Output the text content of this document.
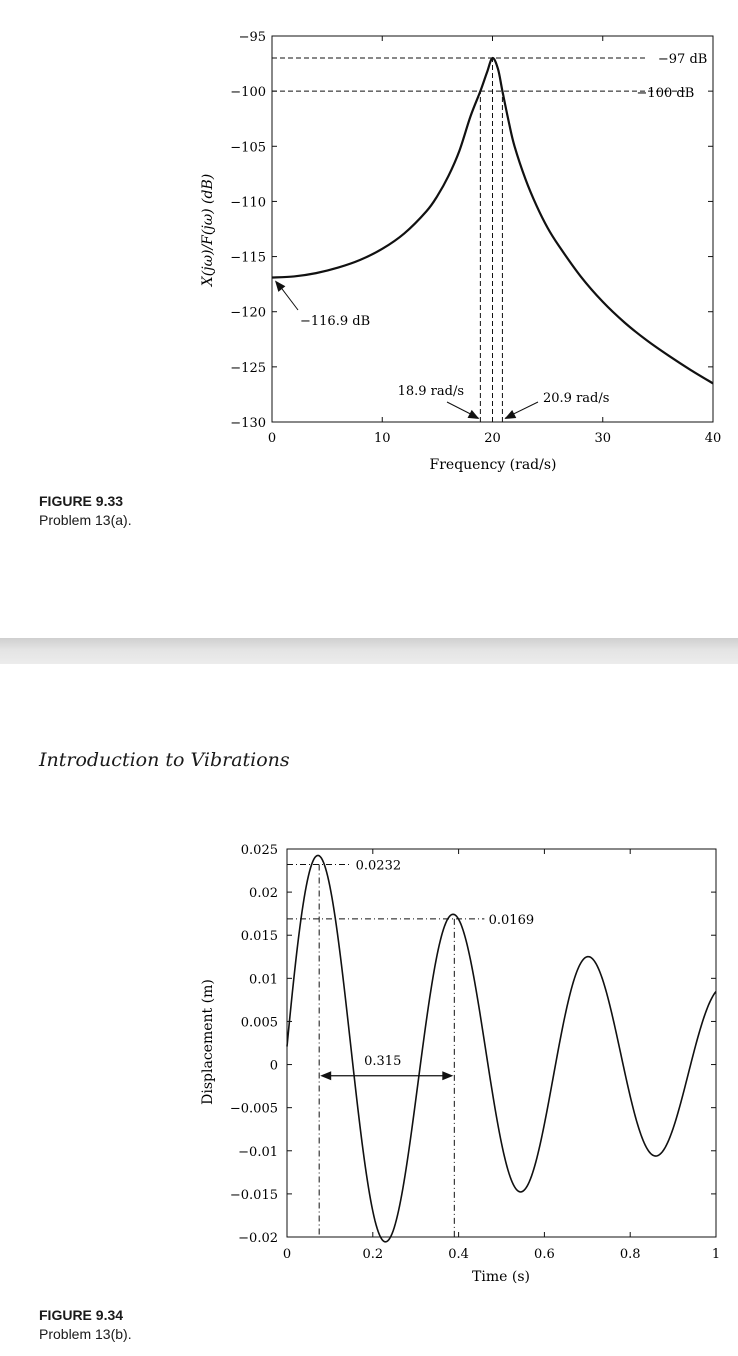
0	10	20	30	40
−95
−100
−105
−110
−115
−120
−125
−130
−97 dB
−100 dB
−116.9 dB
18.9 rad/s	20.9 rad/s
Frequency (rad/s)
X(jω)/F(jω) (dB)
FIGURE 9.33
Problem 13(a).
Introduction to Vibrations
0	0.2	0.4	0.6	0.8	1
0.025
0.02
0.015
0.01
0.005
0
−0.005
−0.01
−0.015
−0.02
0.0232
0.0169
0.315
Time (s)
Displacement (m)
FIGURE 9.34
Problem 13(b).
